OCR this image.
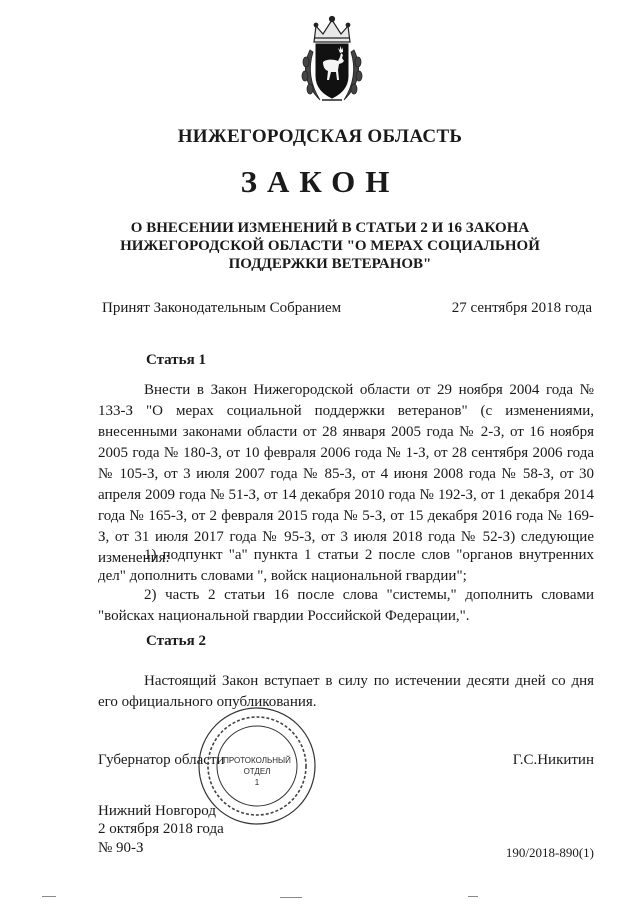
НИЖЕГОРОДСКАЯ ОБЛАСТЬ
ЗАКОН
О ВНЕСЕНИИ ИЗМЕНЕНИЙ В СТАТЬИ 2 И 16 ЗАКОНА
НИЖЕГОРОДСКОЙ ОБЛАСТИ "О МЕРАХ СОЦИАЛЬНОЙ
ПОДДЕРЖКИ ВЕТЕРАНОВ"
Принят Законодательным Собранием	27 сентября 2018 года
Статья 1
Внести в Закон Нижегородской области от 29 ноября 2004 года № 133-З "О мерах социальной поддержки ветеранов" (с изменениями, внесенными законами области от 28 января 2005 года № 2-З, от 16 ноября 2005 года № 180-З, от 10 февраля 2006 года № 1-З, от 28 сентября 2006 года № 105-З, от 3 июля 2007 года № 85-З, от 4 июня 2008 года № 58-З, от 30 апреля 2009 года № 51-З, от 14 декабря 2010 года № 192-З, от 1 декабря 2014 года № 165-З, от 2 февраля 2015 года № 5-З, от 15 декабря 2016 года № 169-З, от 31 июля 2017 года № 95-З, от 3 июля 2018 года № 52-З) следующие изменения:
1) подпункт "а" пункта 1 статьи 2 после слов "органов внутренних дел" дополнить словами ", войск национальной гвардии";
2) часть 2 статьи 16 после слова "системы," дополнить словами "войсках национальной гвардии Российской Федерации,".
Статья 2
Настоящий Закон вступает в силу по истечении десяти дней со дня его официального опубликования.
Губернатор области	Г.С.Никитин
ПРОТОКОЛЬНЫЙ
ОТДЕЛ
1
Нижний Новгород
2 октября 2018 года
№ 90-З	190/2018-890(1)
